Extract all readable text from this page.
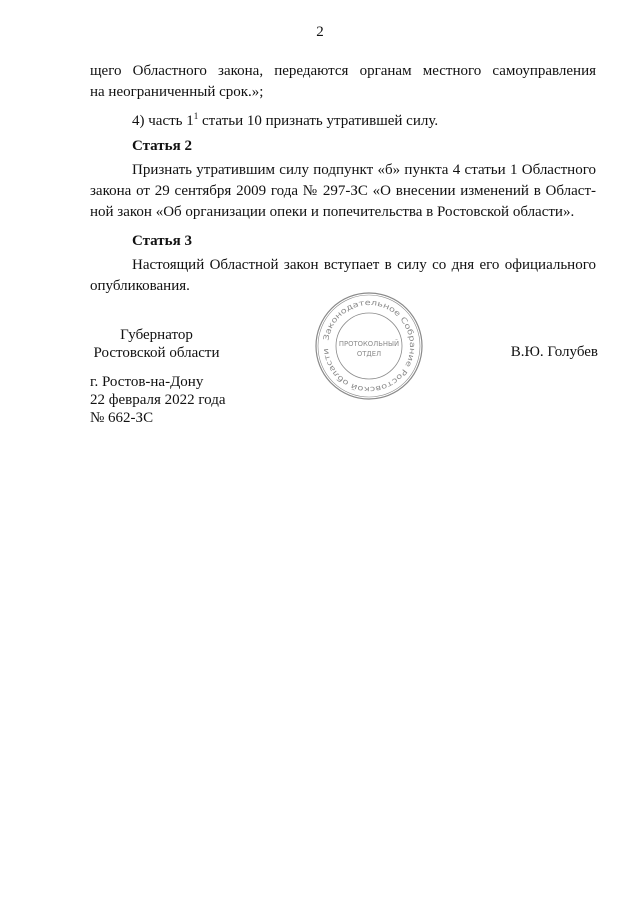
2
щего Областного закона, передаются органам местного самоуправления
на неограниченный срок.»;
4) часть $1^1$ статьи 10 признать утратившей силу.
Статья 2
Признать утратившим силу подпункт «б» пункта 4 статьи 1 Областного
закона от 29 сентября 2009 года № 297-ЗС «О внесении изменений в Област-
ной закон «Об организации опеки и попечительства в Ростовской области».
Статья 3
Настоящий Областной закон вступает в силу со дня его официального
опубликования.
Губернатор
Ростовской области
Законодательное Собрание Ростовской области
ПРОТОКОЛЬНЫЙ
ОТДЕЛ	В.Ю. Голубев
г. Ростов-на-Дону
22 февраля 2022 года
№ 662-ЗС
